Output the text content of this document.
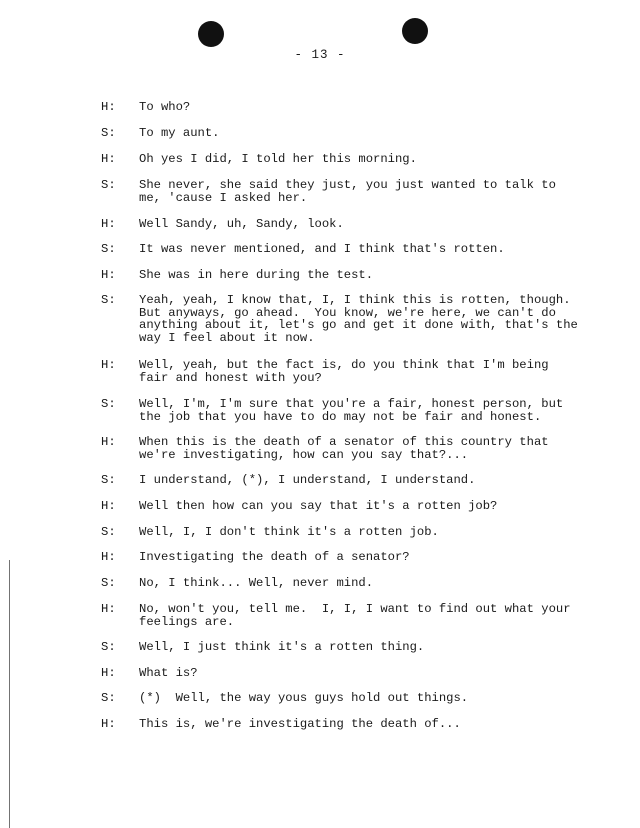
- 13 -
H:	To who?
S:	To my aunt.
H:	Oh yes I did, I told her this morning.
S:	She never, she said they just, you just wanted to talk to
me, 'cause I asked her.
H:	Well Sandy, uh, Sandy, look.
S:	It was never mentioned, and I think that's rotten.
H:	She was in here during the test.
S:	Yeah, yeah, I know that, I, I think this is rotten, though.
But anyways, go ahead.  You know, we're here, we can't do
anything about it, let's go and get it done with, that's the
way I feel about it now.
H:	Well, yeah, but the fact is, do you think that I'm being
fair and honest with you?
S:	Well, I'm, I'm sure that you're a fair, honest person, but
the job that you have to do may not be fair and honest.
H:	When this is the death of a senator of this country that
we're investigating, how can you say that?...
S:	I understand, (*), I understand, I understand.
H:	Well then how can you say that it's a rotten job?
S:	Well, I, I don't think it's a rotten job.
H:	Investigating the death of a senator?
S:	No, I think... Well, never mind.
H:	No, won't you, tell me.  I, I, I want to find out what your
feelings are.
S:	Well, I just think it's a rotten thing.
H:	What is?
S:	(*)  Well, the way yous guys hold out things.
H:	This is, we're investigating the death of...
